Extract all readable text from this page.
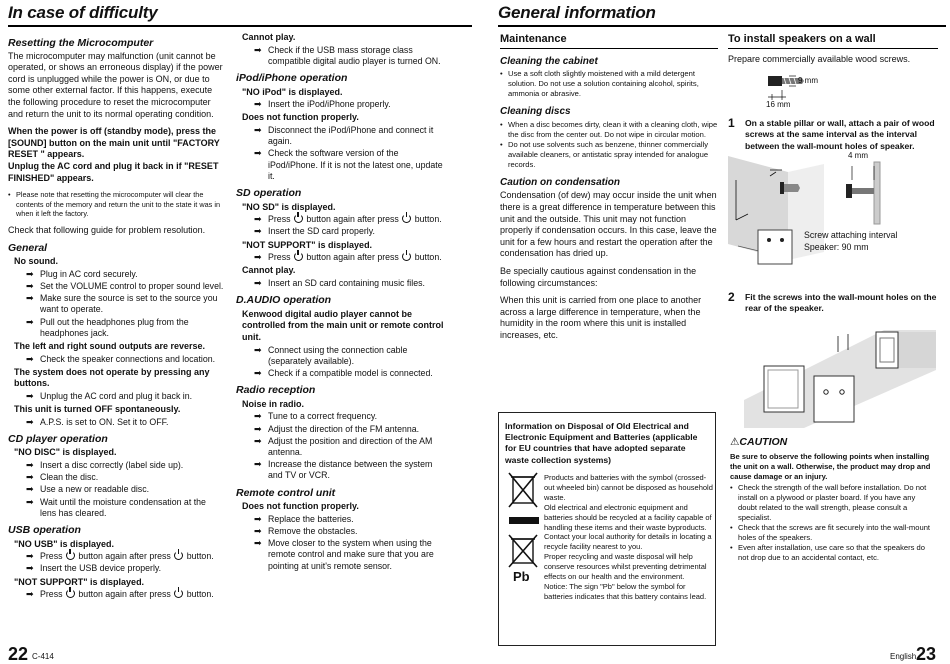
In case of difficulty
Resetting the Microcomputer

The microcomputer may malfunction (unit cannot be operated, or shows an erroneous display) if the power cord is unplugged while the power is ON, or due to some other external factor. If this happens, execute the following procedure to reset the microcomputer and return the unit to its normal operating condition.

When the power is off (standby mode), press the [SOUND] button on the main unit until "FACTORY RESET " appears.

Unplug the AC cord and plug it back in if "RESET FINISHED" appears.

• Please note that resetting the microcomputer will clear the contents of the memory and return the unit to the state it was in when it left the factory.

Check that following guide for problem resolution.

General
No sound.
➡ Plug in AC cord securely.
➡ Set the VOLUME control to proper sound level.
➡ Make sure the source is set to the source you want to operate.
➡ Pull out the headphones plug from the headphones jack.
The left and right sound outputs are reverse.
➡ Check the speaker connections and location.
The system does not operate by pressing any buttons.
➡ Unplug the AC cord and plug it back in.
This unit is turned OFF spontaneously.
➡ A.P.S. is set to ON. Set it to OFF.
CD player operation
"NO DISC" is displayed.
➡ Insert a disc correctly (label side up).
➡ Clean the disc.
➡ Use a new or readable disc.
➡ Wait until the moisture condensation at the lens has cleared.
USB operation
"NO USB" is displayed.
➡ Press button again after press button.
➡ Insert the USB device properly.
"NOT SUPPORT" is displayed.
➡ Press button again after press button.
Cannot play.
➡ Check if the USB mass storage class compatible digital audio player is turned ON.
iPod/iPhone operation
"NO iPod" is displayed.
➡ Insert the iPod/iPhone properly.
Does not function properly.
➡ Disconnect the iPod/iPhone and connect it again.
➡ Check the software version of the iPod/iPhone. If it is not the latest one, update it.
SD operation
"NO SD" is displayed.
➡ Press button again after press button.
➡ Insert the SD card properly.
"NOT SUPPORT" is displayed.
➡ Press button again after press button.
Cannot play.
➡ Insert an SD card containing music files.
D.AUDIO operation
Kenwood digital audio player cannot be controlled from the main unit or remote control unit.
➡ Connect using the connection cable (separately available).
➡ Check if a compatible model is connected.
Radio reception
Noise in radio.
➡ Tune to a correct frequency.
➡ Adjust the direction of the FM antenna.
➡ Adjust the position and direction of the AM antenna.
➡ Increase the distance between the system and TV or VCR.
Remote control unit
Does not function properly.
➡ Replace the batteries.
➡ Remove the obstacles.
➡ Move closer to the system when using the remote control and make sure that you are pointing at unit's remote sensor.
22 C-414
General information
Maintenance
Cleaning the cabinet
• Use a soft cloth slightly moistened with a mild detergent solution. Do not use a solution containing alcohol, spirits, ammonia or abrasive.
Cleaning discs
• When a disc becomes dirty, clean it with a cleaning cloth, wipe the disc from the center out. Do not wipe in circular motion.
• Do not use solvents such as benzene, thinner commercially available cleaners, or antistatic spray intended for analogue records.
Caution on condensation

Condensation (of dew) may occur inside the unit when there is a great difference in temperature between this unit and the outside. This unit may not function properly if condensation occurs. In this case, leave the unit for a few hours and restart the operation after the condensation has dried up.

Be specially cautious against condensation in the following circumstances:

When this unit is carried from one place to another across a large difference in temperature, when the humidity in the room where this unit is installed increases, etc.

To install speakers on a wall
Prepare commercially available wood screws.
9 mm
16 mm
1 On a stable pillar or wall, attach a pair of wood screws at the same interval as the interval between the wall-mount holes of speaker.
4 mm
Screw attaching interval
Speaker: 90 mm
2 Fit the screws into the wall-mount holes on the rear of the speaker.
⚠CAUTION
Be sure to observe the following points when installing the unit on a wall. Otherwise, the product may drop and cause damage or an injury.
• Check the strength of the wall before installation. Do not install on a plywood or plaster board. If you have any doubt related to the wall strength, please consult a specialist.
• Check that the screws are fit securely into the wall-mount holes of the speakers.
• Even after installation, use care so that the speakers do not drop due to an accidental contact, etc.
English 23
Information on Disposal of Old Electrical and Electronic Equipment and Batteries (applicable for EU countries that have adopted separate waste collection systems)
Pb
Products and batteries with the symbol (crossed-out wheeled bin) cannot be disposed as household waste.
Old electrical and electronic equipment and batteries should be recycled at a facility capable of handling these items and their waste byproducts.
Contact your local authority for details in locating a recycle facility nearest to you.
Proper recycling and waste disposal will help conserve resources whilst preventing detrimental effects on our health and the environment.
Notice: The sign "Pb" below the symbol for batteries indicates that this battery contains lead.
